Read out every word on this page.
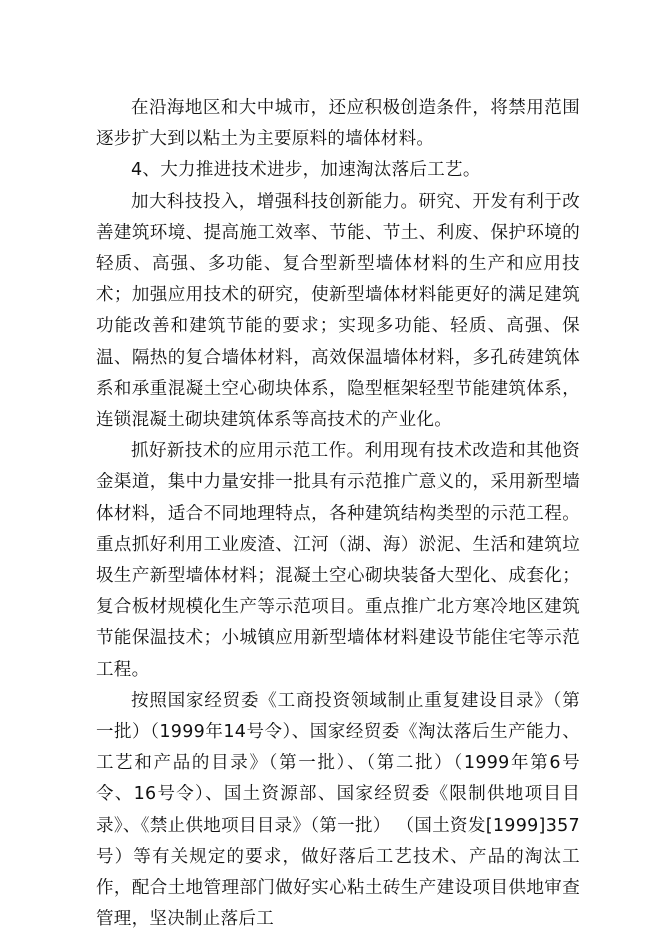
在沿海地区和大中城市，还应积极创造条件，将禁用范围逐步扩大到以粘土为主要原料的墙体材料。

4、大力推进技术进步，加速淘汰落后工艺。

加大科技投入，增强科技创新能力。研究、开发有利于改善建筑环境、提高施工效率、节能、节土、利废、保护环境的轻质、高强、多功能、复合型新型墙体材料的生产和应用技术；加强应用技术的研究，使新型墙体材料能更好的满足建筑功能改善和建筑节能的要求；实现多功能、轻质、高强、保温、隔热的复合墙体材料，高效保温墙体材料，多孔砖建筑体系和承重混凝土空心砌块体系，隐型框架轻型节能建筑体系，连锁混凝土砌块建筑体系等高技术的产业化。

抓好新技术的应用示范工作。利用现有技术改造和其他资金渠道，集中力量安排一批具有示范推广意义的，采用新型墙体材料，适合不同地理特点，各种建筑结构类型的示范工程。重点抓好利用工业废渣、江河（湖、海）淤泥、生活和建筑垃圾生产新型墙体材料；混凝土空心砌块装备大型化、成套化；复合板材规模化生产等示范项目。重点推广北方寒冷地区建筑节能保温技术；小城镇应用新型墙体材料建设节能住宅等示范工程。

按照国家经贸委《工商投资领域制止重复建设目录》（第一批）（1999年14号令）、国家经贸委《淘汰落后生产能力、工艺和产品的目录》（第一批）、（第二批）（1999年第6号令、16号令）、国土资源部、国家经贸委《限制供地项目目录》、《禁止供地项目目录》（第一批） （国土资发[1999]357号）等有关规定的要求，做好落后工艺技术、产品的淘汰工作，配合土地管理部门做好实心粘土砖生产建设项目供地审查管理，坚决制止落后工
